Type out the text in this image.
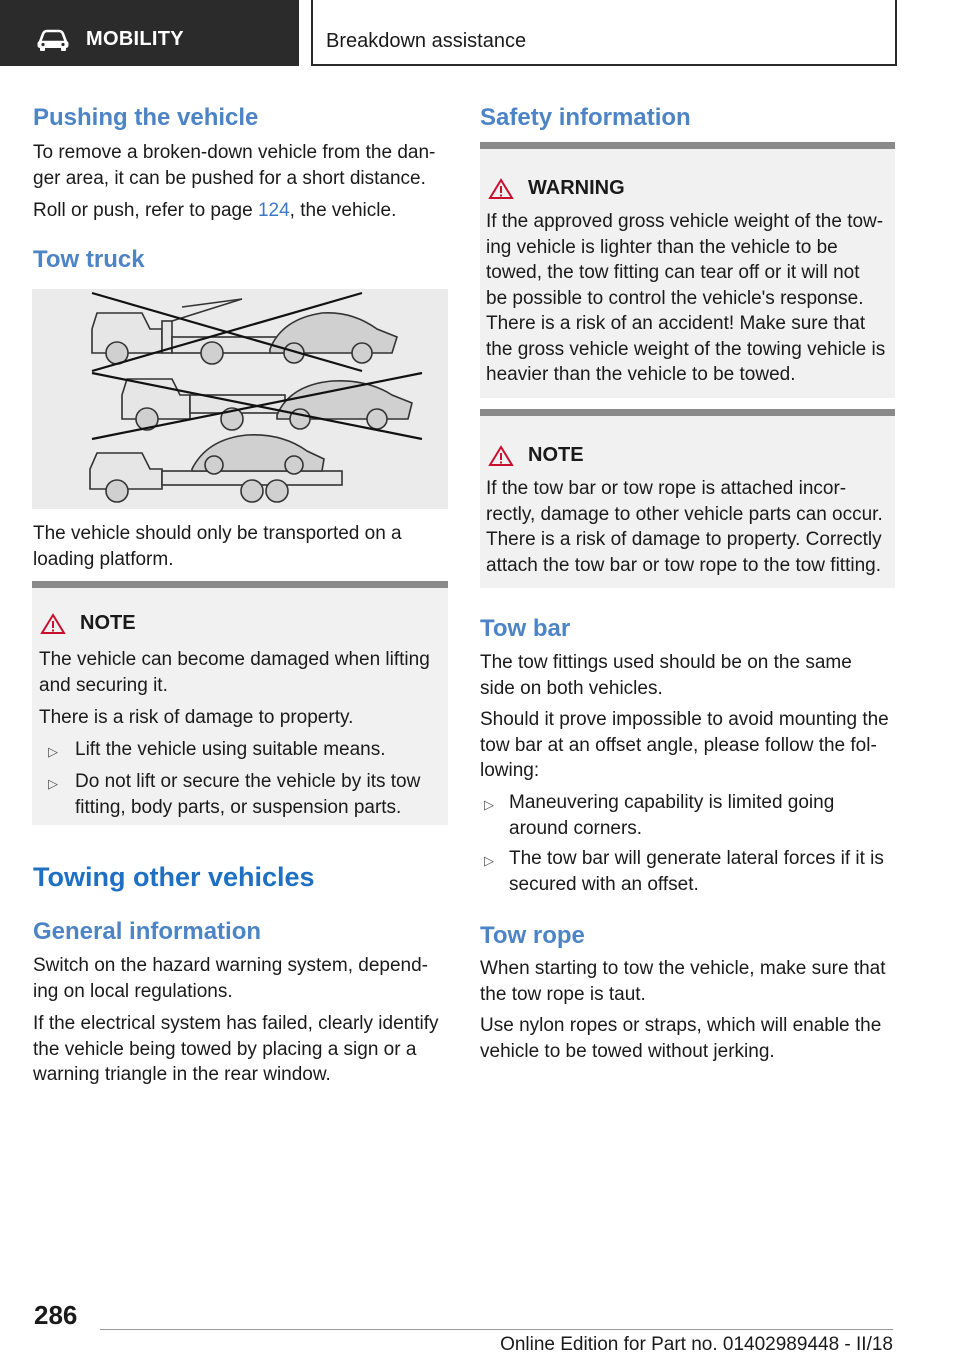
MOBILITY	Breakdown assistance
Pushing the vehicle
To remove a broken-down vehicle from the dan-
ger area, it can be pushed for a short distance.
Roll or push, refer to page 124, the vehicle.
Tow truck
The vehicle should only be transported on a
loading platform.
NOTE
The vehicle can become damaged when lifting
and securing it.
There is a risk of damage to property.
▷ Lift the vehicle using suitable means.
▷ Do not lift or secure the vehicle by its tow
fitting, body parts, or suspension parts.
Towing other vehicles
General information
Switch on the hazard warning system, depend-
ing on local regulations.
If the electrical system has failed, clearly identify
the vehicle being towed by placing a sign or a
warning triangle in the rear window.
Safety information
WARNING
If the approved gross vehicle weight of the tow-
ing vehicle is lighter than the vehicle to be
towed, the tow fitting can tear off or it will not
be possible to control the vehicle's response.
There is a risk of an accident! Make sure that
the gross vehicle weight of the towing vehicle is
heavier than the vehicle to be towed.
NOTE
If the tow bar or tow rope is attached incor-
rectly, damage to other vehicle parts can occur.
There is a risk of damage to property. Correctly
attach the tow bar or tow rope to the tow fitting.
Tow bar
The tow fittings used should be on the same
side on both vehicles.
Should it prove impossible to avoid mounting the
tow bar at an offset angle, please follow the fol-
lowing:
▷ Maneuvering capability is limited going
around corners.
▷ The tow bar will generate lateral forces if it is
secured with an offset.
Tow rope
When starting to tow the vehicle, make sure that
the tow rope is taut.
Use nylon ropes or straps, which will enable the
vehicle to be towed without jerking.
286
Online Edition for Part no. 01402989448 - II/18
